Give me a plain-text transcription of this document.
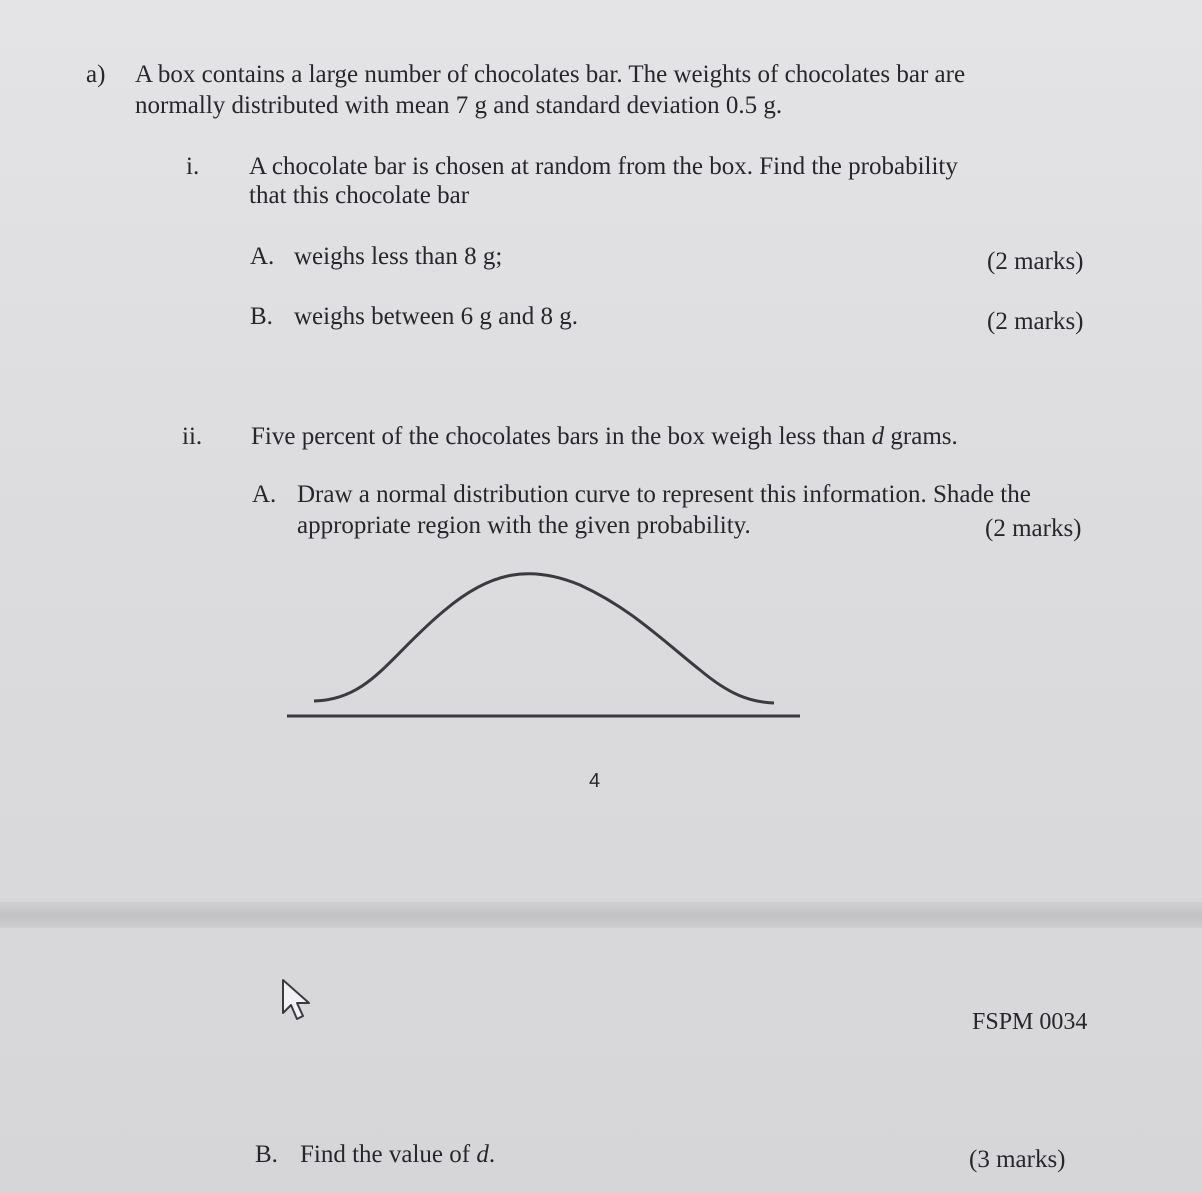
a) A box contains a large number of chocolates bar. The weights of chocolates bar are
normally distributed with mean 7 g and standard deviation 0.5 g.
i. A chocolate bar is chosen at random from the box. Find the probability
that this chocolate bar
A. weighs less than 8 g;	(2 marks)
B. weighs between 6 g and 8 g.	(2 marks)
ii. Five percent of the chocolates bars in the box weigh less than d grams.
A. Draw a normal distribution curve to represent this information. Shade the
appropriate region with the given probability.	(2 marks)
4
FSPM 0034
B. Find the value of d.	(3 marks)
